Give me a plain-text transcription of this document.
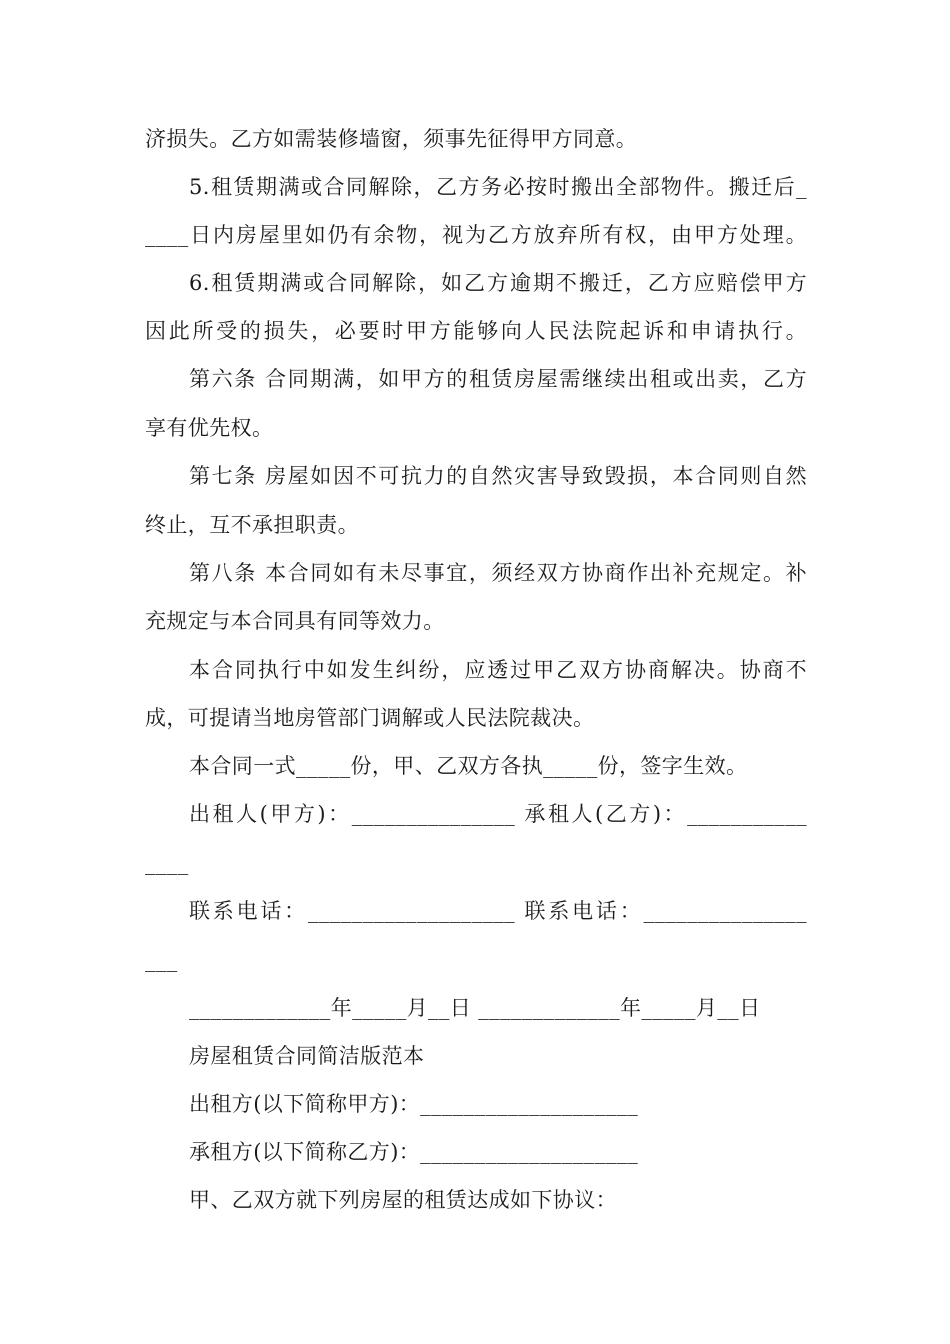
济损失。乙方如需装修墙窗，须事先征得甲方同意。
5.租赁期满或合同解除，乙方务必按时搬出全部物件。搬迁后_
____日内房屋里如仍有余物，视为乙方放弃所有权，由甲方处理。
6.租赁期满或合同解除，如乙方逾期不搬迁，乙方应赔偿甲方
因此所受的损失，必要时甲方能够向人民法院起诉和申请执行。
第六条 合同期满，如甲方的租赁房屋需继续出租或出卖，乙方
享有优先权。
第七条 房屋如因不可抗力的自然灾害导致毁损，本合同则自然
终止，互不承担职责。
第八条 本合同如有未尽事宜，须经双方协商作出补充规定。补
充规定与本合同具有同等效力。
本合同执行中如发生纠纷，应透过甲乙双方协商解决。协商不
成，可提请当地房管部门调解或人民法院裁决。
本合同一式_____份，甲、乙双方各执_____份，签字生效。
出租人(甲方)：_______________ 承租人(乙方)：___________
____
联系电话：___________________ 联系电话：_______________
___
_____________年_____月__日 _____________年_____月__日
房屋租赁合同简洁版范本
出租方(以下简称甲方)：____________________
承租方(以下简称乙方)：____________________
甲、乙双方就下列房屋的租赁达成如下协议：
